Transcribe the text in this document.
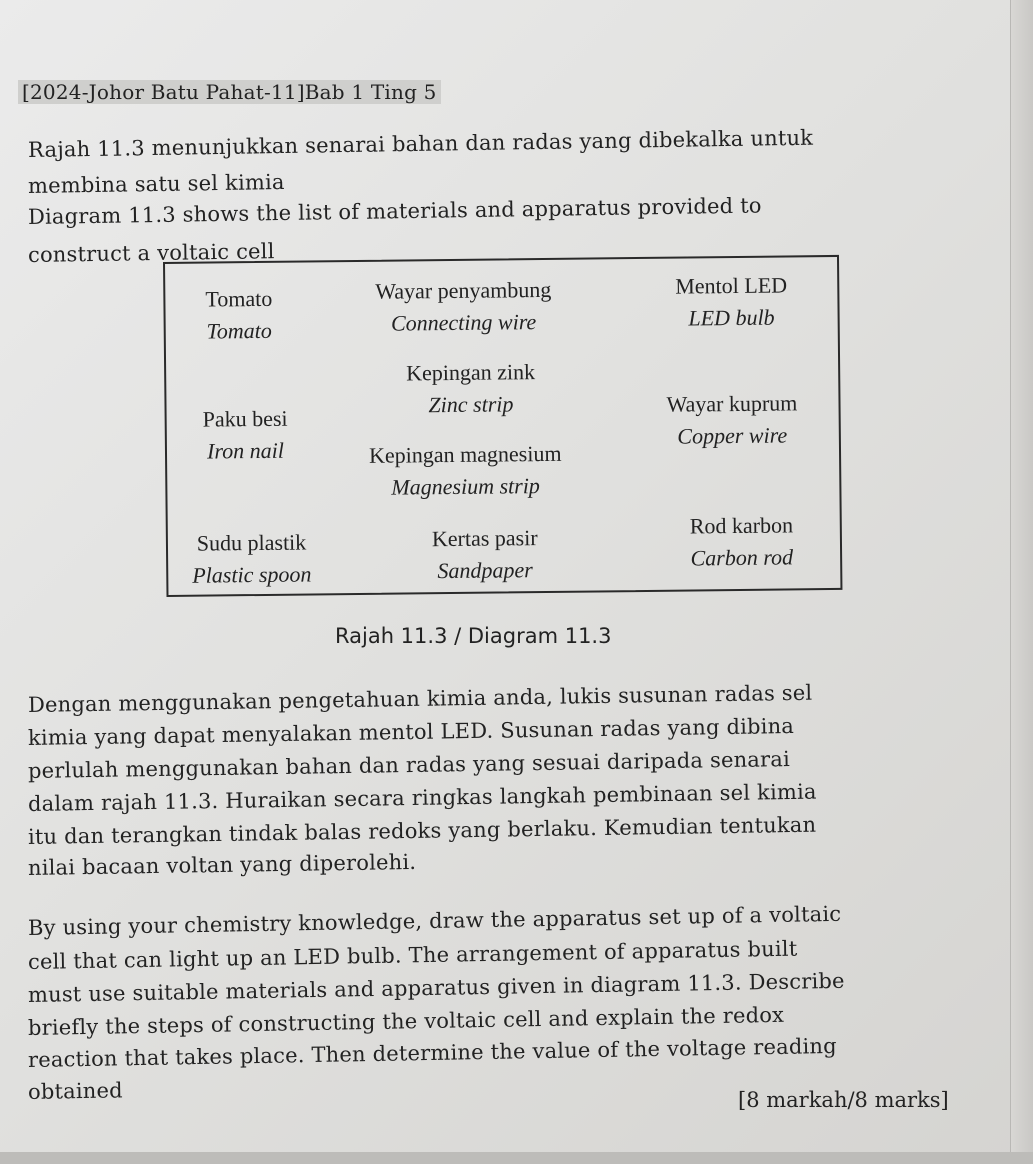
[2024-Johor Batu Pahat-11]Bab 1 Ting 5
Rajah 11.3 menunjukkan senarai bahan dan radas yang dibekalka untuk
membina satu sel kimia
Diagram 11.3 shows the list of materials and apparatus provided to
construct a voltaic cell
Tomato
Tomato
Wayar penyambung
Connecting wire
Mentol LED
LED bulb
Kepingan zink
Zinc strip
Paku besi
Iron nail
Wayar kuprum
Copper wire
Kepingan magnesium
Magnesium strip
Sudu plastik
Plastic spoon
Kertas pasir
Sandpaper
Rod karbon
Carbon rod
Rajah 11.3 / Diagram 11.3
Dengan menggunakan pengetahuan kimia anda, lukis susunan radas sel
kimia yang dapat menyalakan mentol LED. Susunan radas yang dibina
perlulah menggunakan bahan dan radas yang sesuai daripada senarai
dalam rajah 11.3. Huraikan secara ringkas langkah pembinaan sel kimia
itu dan terangkan tindak balas redoks yang berlaku. Kemudian tentukan
nilai bacaan voltan yang diperolehi.
By using your chemistry knowledge, draw the apparatus set up of a voltaic
cell that can light up an LED bulb. The arrangement of apparatus built
must use suitable materials and apparatus given in diagram 11.3. Describe
briefly the steps of constructing the voltaic cell and explain the redox
reaction that takes place. Then determine the value of the voltage reading
obtained	[8 markah/8 marks]
